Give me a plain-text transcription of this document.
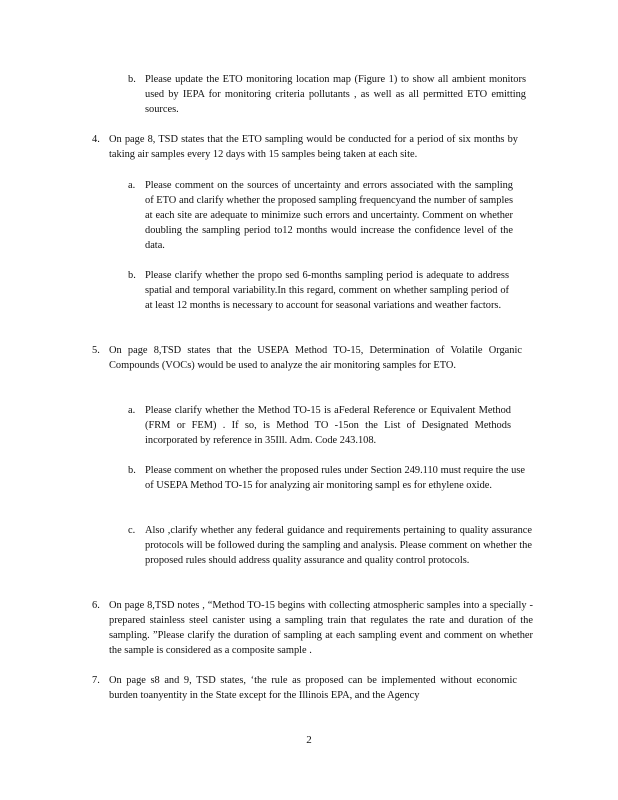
b. Please update the ETO monitoring location map (Figure 1) to show all ambient monitors used by IEPA for monitoring criteria pollutants , as well as all permitted ETO emitting sources.
4. On page 8, TSD states that the ETO sampling would be conducted for a period of six months by taking air samples every 12 days with 15 samples being taken at each site.
a. Please comment on the sources of uncertainty and errors associated with the sampling of ETO and clarify whether the proposed sampling frequencyand the number of samples at each site are adequate to minimize such errors and uncertainty. Comment on whether doubling the sampling period to12 months would increase the confidence level of the data.
b. Please clarify whether the propo sed 6-months sampling period is adequate to address spatial and temporal variability.In this regard, comment on whether sampling period of at least 12 months is necessary to account for seasonal variations and weather factors.
5. On page 8,TSD states that the USEPA Method TO-15, Determination of Volatile Organic Compounds (VOCs) would be used to analyze the air monitoring samples for ETO.
a. Please clarify whether the Method TO-15 is aFederal Reference or Equivalent Method (FRM or FEM) . If so, is Method TO -15on the List of Designated Methods incorporated by reference in 35Ill. Adm. Code 243.108.
b. Please comment on whether the proposed rules under Section 249.110 must require the use of USEPA Method TO-15 for analyzing air monitoring sampl es for ethylene oxide.
c. Also ,clarify whether any federal guidance and requirements pertaining to quality assurance protocols will be followed during the sampling and analysis. Please comment on whether the proposed rules should address quality assurance and quality control protocols.
6. On page 8,TSD notes , “Method TO-15 begins with collecting atmospheric samples into a specially -prepared stainless steel canister using a sampling train that regulates the rate and duration of the sampling. ”Please clarify the duration of sampling at each sampling event and comment on whether the sample is considered as a composite sample .
7. On page s8 and 9, TSD states, ‘the rule as proposed can be implemented without economic burden toanyentity in the State except for the Illinois EPA, and the Agency
2
